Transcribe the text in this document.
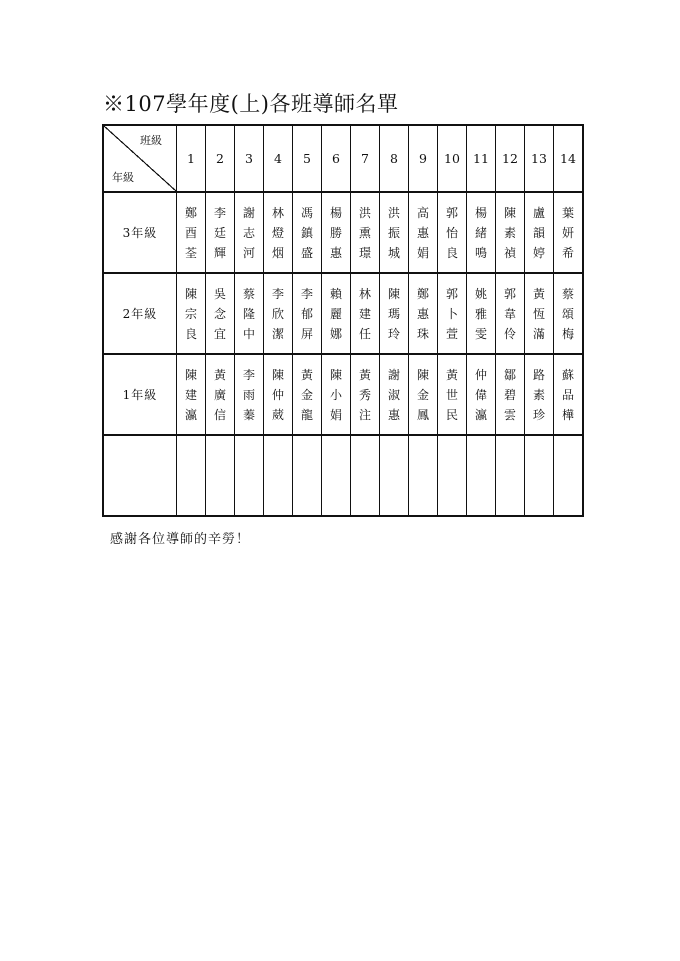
※107學年度(上)各班導師名單
班級
年級	1	2	3	4	5	6	7	8	9	10	11	12	13	14
3年級	鄭
酉
荃	李
廷
輝	謝
志
河	林
燈
烟	馮
鎮
盛	楊
勝
惠	洪
熏
璟	洪
振
城	高
惠
娟	郭
怡
良	楊
緒
鳴	陳
素
禎	盧
韻
婷	葉
妍
希

2年級	陳
宗
良	吳
念
宜	蔡
隆
中	李
欣
潔	李
郁
屏	賴
麗
娜	林
建
任	陳
瑪
玲	鄭
惠
珠	郭
卜
萱	姚
雅
雯	郭
韋
伶	黃
恆
滿	蔡
頌
梅

1年級	陳
建
瀛	黃
廣
信	李
雨
蓁	陳
仲
葳	黃
金
龍	陳
小
娟	黃
秀
注	謝
淑
惠	陳
金
鳳	黃
世
民	仲
偉
瀛	鄒
碧
雲	路
素
珍	蘇
品
樺

感謝各位導師的辛勞！
